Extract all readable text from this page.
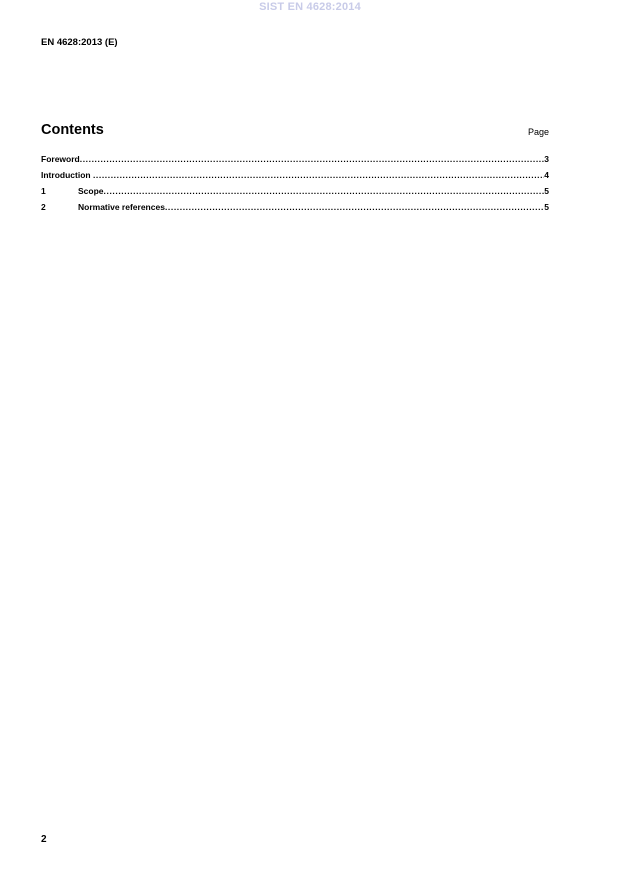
SIST EN 4628:2014
EN 4628:2013 (E)
Contents	Page
Foreword .....	3
Introduction .....	4
1	Scope .....	5
2	Normative references .....	5
2
